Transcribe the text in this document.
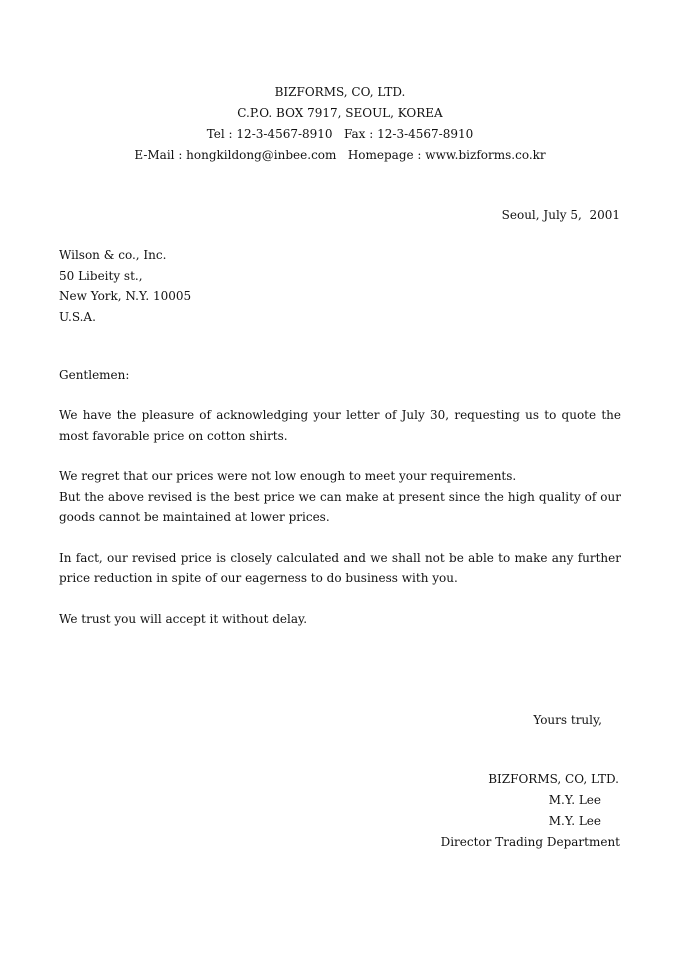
BIZFORMS, CO, LTD.
C.P.O. BOX 7917, SEOUL, KOREA
Tel : 12-3-4567-8910   Fax : 12-3-4567-8910
E-Mail : hongkildong@inbee.com   Homepage : www.bizforms.co.kr
Seoul, July 5,  2001
Wilson & co., Inc.
50 Libeity st.,
New York, N.Y. 10005
U.S.A.
Gentlemen:
We have the pleasure of acknowledging your letter of July 30, requesting us to quote the
most favorable price on cotton shirts.
We regret that our prices were not low enough to meet your requirements.
But the above revised is the best price we can make at present since the high quality of our
goods cannot be maintained at lower prices.
In fact, our revised price is closely calculated and we shall not be able to make any further
price reduction in spite of our eagerness to do business with you.
We trust you will accept it without delay.
Yours truly,
BIZFORMS, CO, LTD.
M.Y. Lee
M.Y. Lee
Director Trading Department
